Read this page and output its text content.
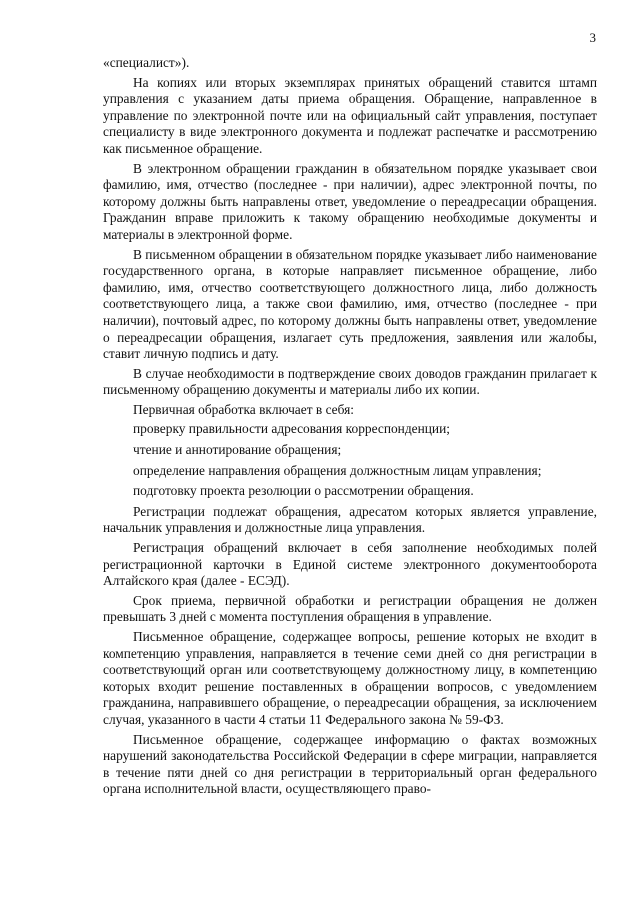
3

«специалист»).

На копиях или вторых экземплярах принятых обращений ставится штамп управления с указанием даты приема обращения. Обращение, направленное в управление по электронной почте или на официальный сайт управления, поступает специалисту в виде электронного документа и подлежат распечатке и рассмотрению как письменное обращение.

В электронном обращении гражданин в обязательном порядке указывает свои фамилию, имя, отчество (последнее - при наличии), адрес электронной почты, по которому должны быть направлены ответ, уведомление о переадресации обращения. Гражданин вправе приложить к такому обращению необходимые документы и материалы в электронной форме.

В письменном обращении в обязательном порядке указывает либо наименование государственного органа, в которые направляет письменное обращение, либо фамилию, имя, отчество соответствующего должностного лица, либо должность соответствующего лица, а также свои фамилию, имя, отчество (последнее - при наличии), почтовый адрес, по которому должны быть направлены ответ, уведомление о переадресации обращения, излагает суть предложения, заявления или жалобы, ставит личную подпись и дату.

В случае необходимости в подтверждение своих доводов гражданин прилагает к письменному обращению документы и материалы либо их копии.

Первичная обработка включает в себя:

проверку правильности адресования корреспонденции;

чтение и аннотирование обращения;

определение направления обращения должностным лицам управления;

подготовку проекта резолюции о рассмотрении обращения.

Регистрации подлежат обращения, адресатом которых является управление, начальник управления и должностные лица управления.

Регистрация обращений включает в себя заполнение необходимых полей регистрационной карточки в Единой системе электронного документооборота Алтайского края (далее - ЕСЭД).

Срок приема, первичной обработки и регистрации обращения не должен превышать 3 дней с момента поступления обращения в управление.

Письменное обращение, содержащее вопросы, решение которых не входит в компетенцию управления, направляется в течение семи дней со дня регистрации в соответствующий орган или соответствующему должностному лицу, в компетенцию которых входит решение поставленных в обращении вопросов, с уведомлением гражданина, направившего обращение, о переадресации обращения, за исключением случая, указанного в части 4 статьи 11 Федерального закона № 59-ФЗ.

Письменное обращение, содержащее информацию о фактах возможных нарушений законодательства Российской Федерации в сфере миграции, направляется в течение пяти дней со дня регистрации в территориальный орган федерального органа исполнительной власти, осуществляющего право-
